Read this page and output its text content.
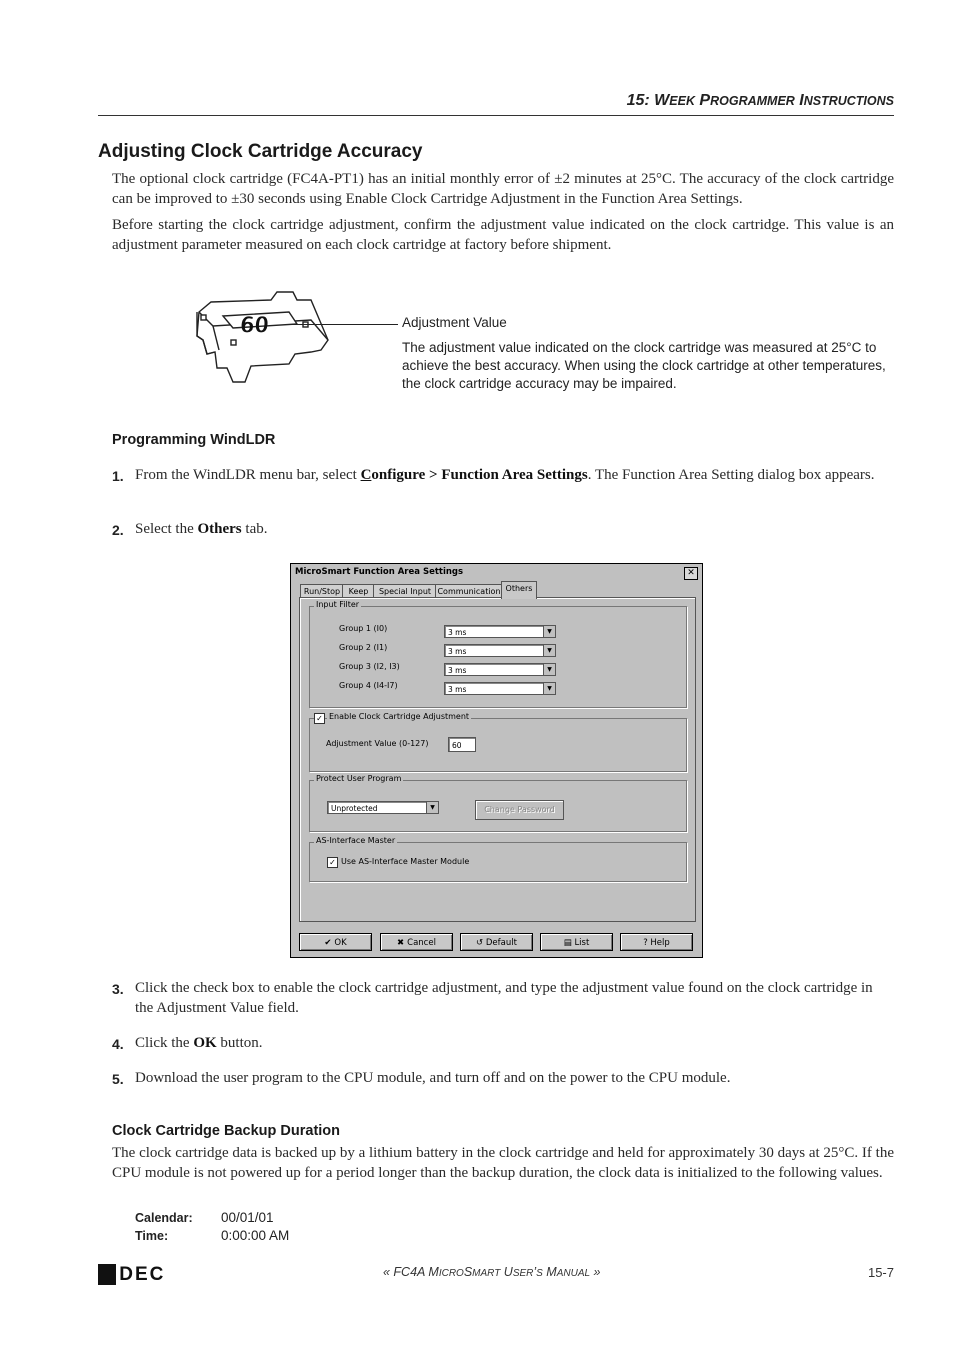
15: WEEK PROGRAMMER INSTRUCTIONS
Adjusting Clock Cartridge Accuracy
The optional clock cartridge (FC4A-PT1) has an initial monthly error of ±2 minutes at 25°C. The accuracy of the clock cartridge can be improved to ±30 seconds using Enable Clock Cartridge Adjustment in the Function Area Settings.
Before starting the clock cartridge adjustment, confirm the adjustment value indicated on the clock cartridge. This value is an adjustment parameter measured on each clock cartridge at factory before shipment.
60	Adjustment Value
The adjustment value indicated on the clock cartridge was measured at 25°C to achieve the best accuracy. When using the clock cartridge at other temperatures, the clock cartridge accuracy may be impaired.
Programming WindLDR
1. From the WindLDR menu bar, select Configure > Function Area Settings. The Function Area Setting dialog box appears.
2. Select the Others tab.
MicroSmart Function Area Settings	✕
Run/Stop	Keep	Special Input Communication Others
Input Filter
Group 1 (I0)	3 ms	▼
Group 2 (I1)	3 ms	▼
Group 3 (I2, I3)	3 ms	▼
Group 4 (I4-I7)	3 ms	▼
✓ Enable Clock Cartridge Adjustment
Adjustment Value (0-127)	60
Protect User Program
Unprotected	▼	Change Password
AS-Interface Master
✓ Use AS-Interface Master Module
✔ OK	✖ Cancel	↺ Default	▤ List	? Help
3. Click the check box to enable the clock cartridge adjustment, and type the adjustment value found on the clock cartridge in the Adjustment Value field.
4. Click the OK button.
5. Download the user program to the CPU module, and turn off and on the power to the CPU module.
Clock Cartridge Backup Duration
The clock cartridge data is backed up by a lithium battery in the clock cartridge and held for approximately 30 days at 25°C. If the CPU module is not powered up for a period longer than the backup duration, the clock data is initialized to the following values.
Calendar: 00/01/01
Time:	0:00:00 AM
IDEC	« FC4A MICROSMART USER’S MANUAL »	15-7
